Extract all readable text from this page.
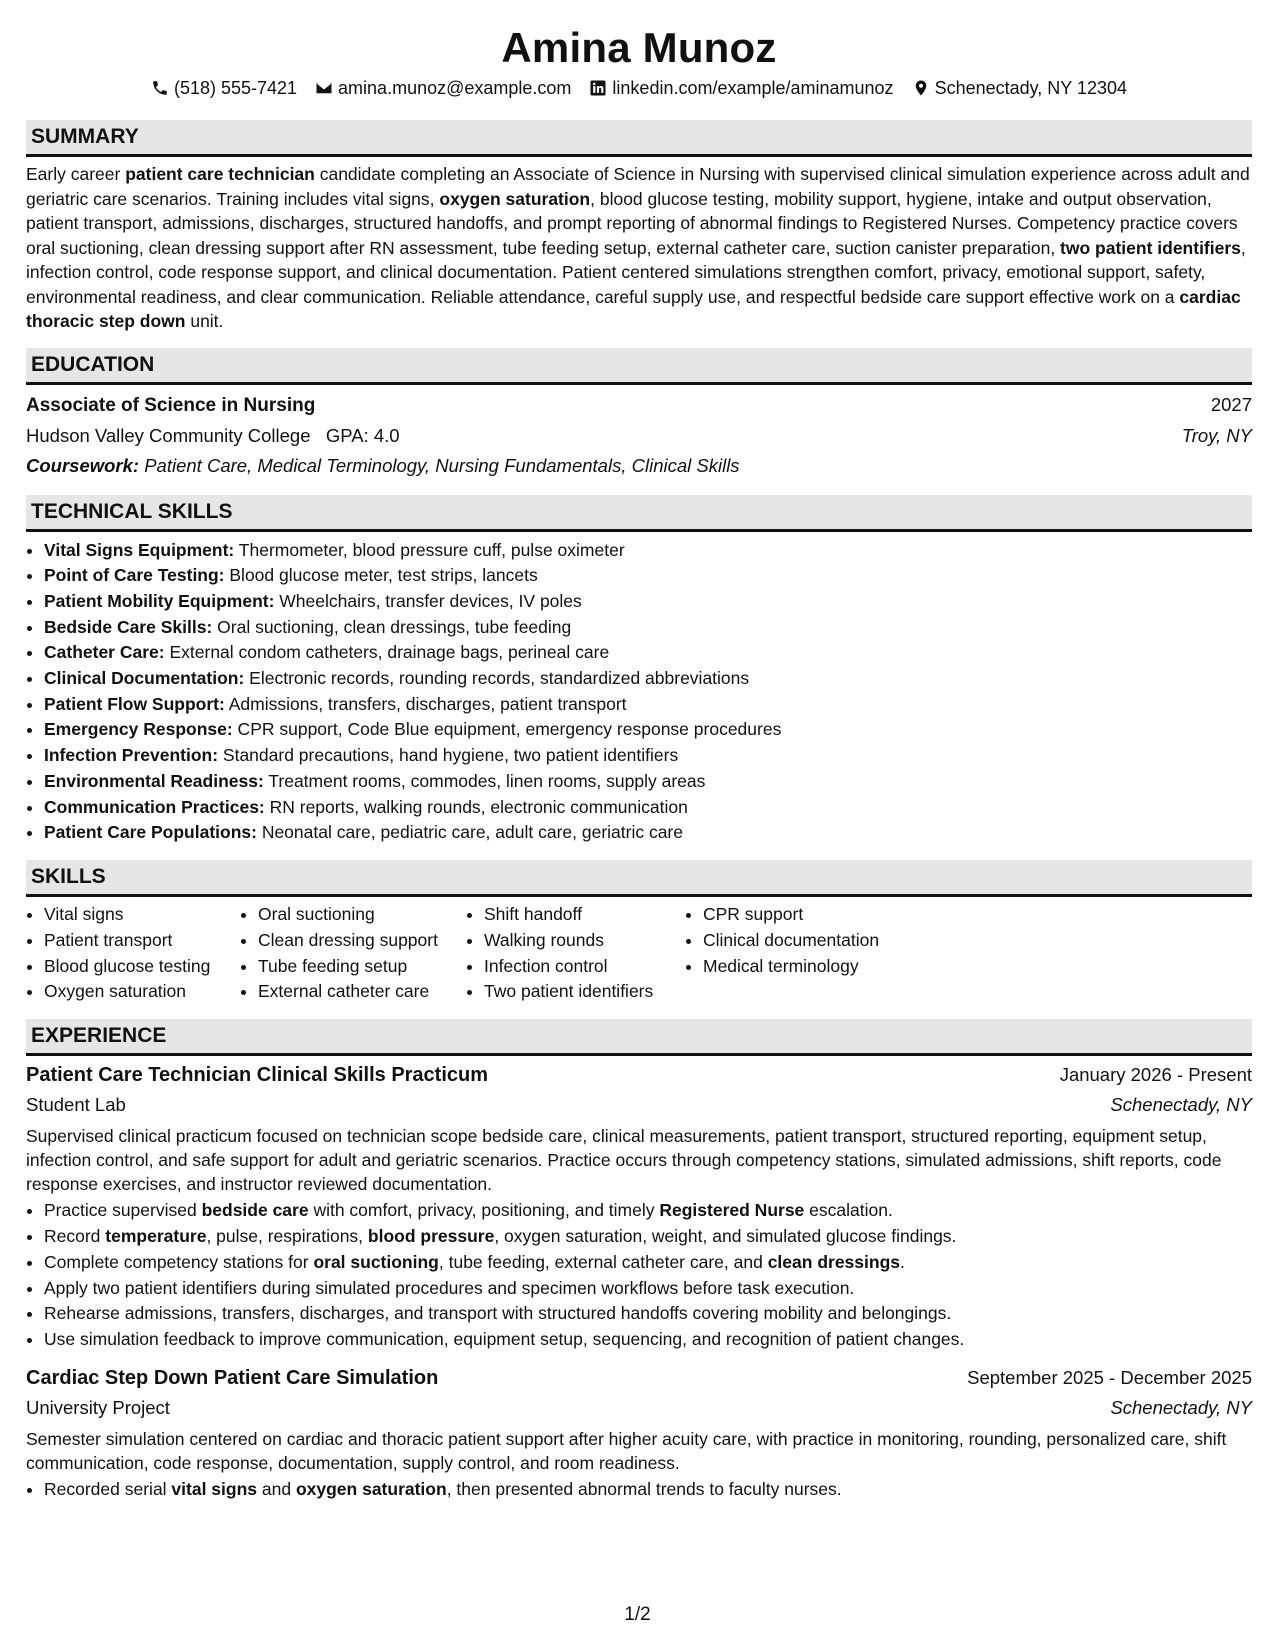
Amina Munoz
(518) 555-7421 amina.munoz@example.com linkedin.com/example/aminamunoz Schenectady, NY 12304
SUMMARY

Early career patient care technician candidate completing an Associate of Science in Nursing with supervised clinical simulation experience across adult and geriatric care scenarios. Training includes vital signs, oxygen saturation, blood glucose testing, mobility support, hygiene, intake and output observation, patient transport, admissions, discharges, structured handoffs, and prompt reporting of abnormal findings to Registered Nurses. Competency practice covers oral suctioning, clean dressing support after RN assessment, tube feeding setup, external catheter care, suction canister preparation, two patient identifiers, infection control, code response support, and clinical documentation. Patient centered simulations strengthen comfort, privacy, emotional support, safety, environmental readiness, and clear communication. Reliable attendance, careful supply use, and respectful bedside care support effective work on a cardiac thoracic step down unit.

EDUCATION
Associate of Science in Nursing	2027
Hudson Valley Community College GPA: 4.0	Troy, NY
Coursework: Patient Care, Medical Terminology, Nursing Fundamentals, Clinical Skills
TECHNICAL SKILLS
• Vital Signs Equipment: Thermometer, blood pressure cuff, pulse oximeter
• Point of Care Testing: Blood glucose meter, test strips, lancets
• Patient Mobility Equipment: Wheelchairs, transfer devices, IV poles
• Bedside Care Skills: Oral suctioning, clean dressings, tube feeding
• Catheter Care: External condom catheters, drainage bags, perineal care
• Clinical Documentation: Electronic records, rounding records, standardized abbreviations
• Patient Flow Support: Admissions, transfers, discharges, patient transport
• Emergency Response: CPR support, Code Blue equipment, emergency response procedures
• Infection Prevention: Standard precautions, hand hygiene, two patient identifiers
• Environmental Readiness: Treatment rooms, commodes, linen rooms, supply areas
• Communication Practices: RN reports, walking rounds, electronic communication
• Patient Care Populations: Neonatal care, pediatric care, adult care, geriatric care
SKILLS
• Vital signs
• Patient transport
• Blood glucose testing
• Oxygen saturation
• Oral suctioning
• Clean dressing support
• Tube feeding setup
• External catheter care
• Shift handoff
• Walking rounds
• Infection control
• Two patient identifiers
• CPR support
• Clinical documentation
• Medical terminology
EXPERIENCE
Patient Care Technician Clinical Skills Practicum	January 2026 - Present
Student Lab	Schenectady, NY

Supervised clinical practicum focused on technician scope bedside care, clinical measurements, patient transport, structured reporting, equipment setup, infection control, and safe support for adult and geriatric scenarios. Practice occurs through competency stations, simulated admissions, shift reports, code response exercises, and instructor reviewed documentation.

• Practice supervised bedside care with comfort, privacy, positioning, and timely Registered Nurse escalation.
• Record temperature, pulse, respirations, blood pressure, oxygen saturation, weight, and simulated glucose findings.
• Complete competency stations for oral suctioning, tube feeding, external catheter care, and clean dressings.
• Apply two patient identifiers during simulated procedures and specimen workflows before task execution.
• Rehearse admissions, transfers, discharges, and transport with structured handoffs covering mobility and belongings.
• Use simulation feedback to improve communication, equipment setup, sequencing, and recognition of patient changes.
Cardiac Step Down Patient Care Simulation	September 2025 - December 2025
University Project	Schenectady, NY

Semester simulation centered on cardiac and thoracic patient support after higher acuity care, with practice in monitoring, rounding, personalized care, shift communication, code response, documentation, supply control, and room readiness.

• Recorded serial vital signs and oxygen saturation, then presented abnormal trends to faculty nurses.
1/2
